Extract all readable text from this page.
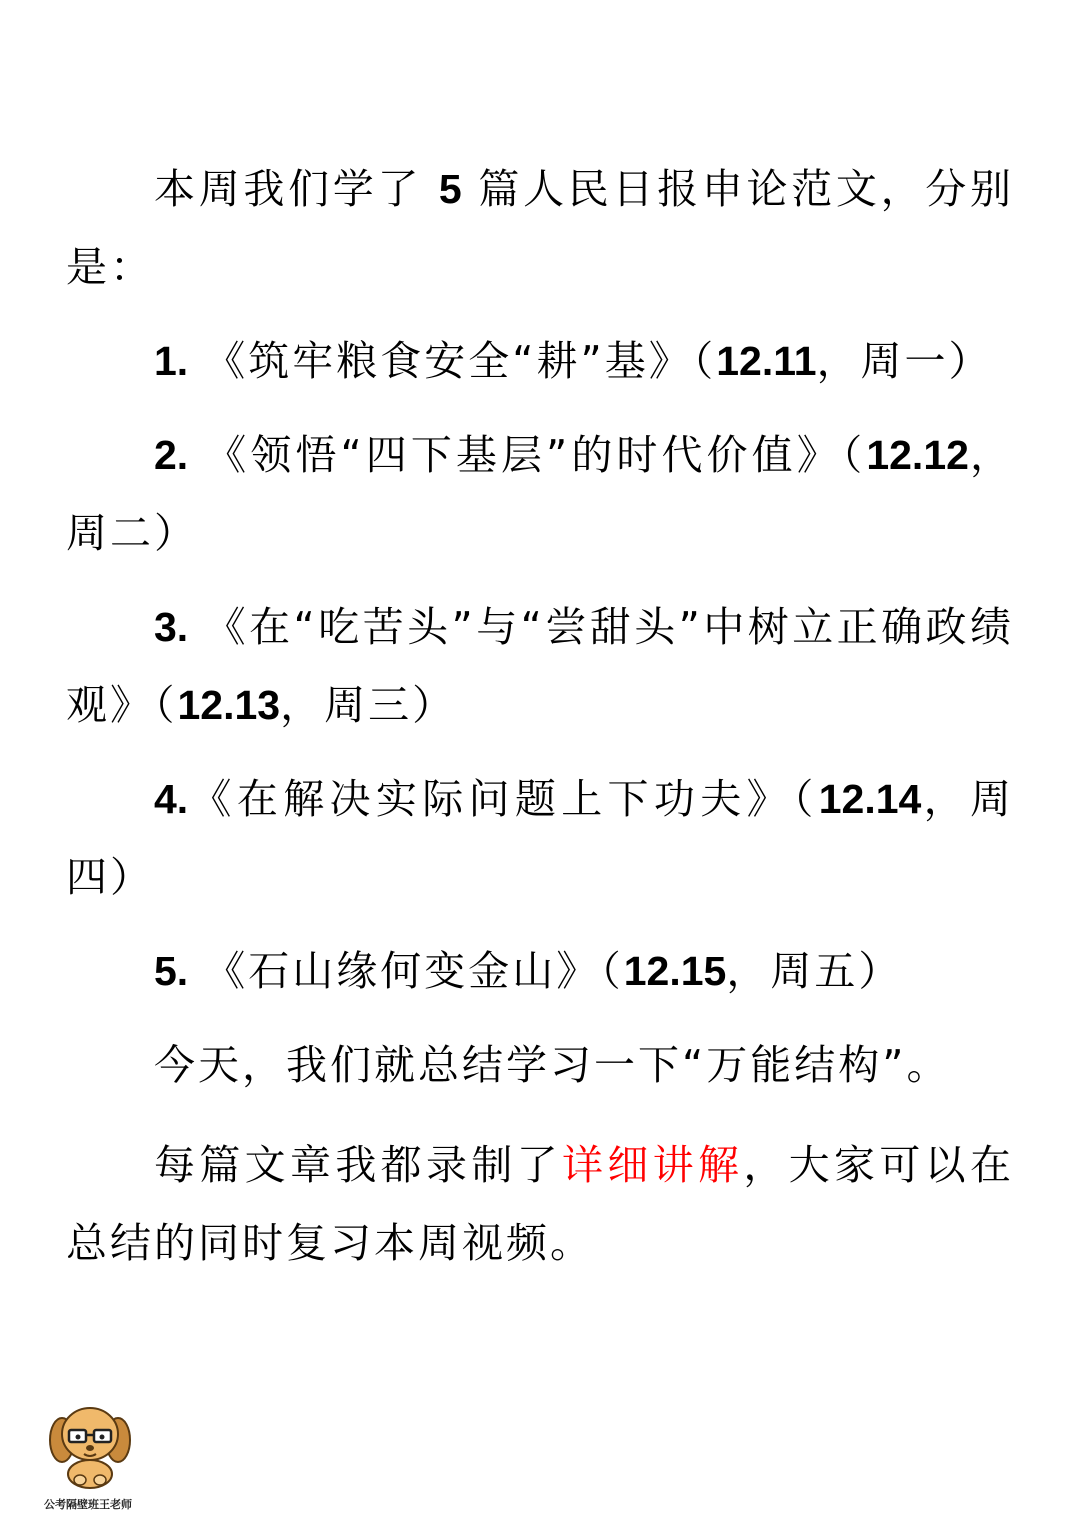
本周我们学了 5 篇人民日报申论范文，分别是：

1. 《筑牢粮食安全“耕”基》（12.11，周一）

2. 《领悟“四下基层”的时代价值》（12.12，周二）

3. 《在“吃苦头”与“尝甜头”中树立正确政绩观》（12.13，周三）

4.《在解决实际问题上下功夫》（12.14，周四）

5. 《石山缘何变金山》（12.15，周五）

今天，我们就总结学习一下“万能结构”。

每篇文章我都录制了详细讲解，大家可以在总结的同时复习本周视频。

公考隔壁班王老师
